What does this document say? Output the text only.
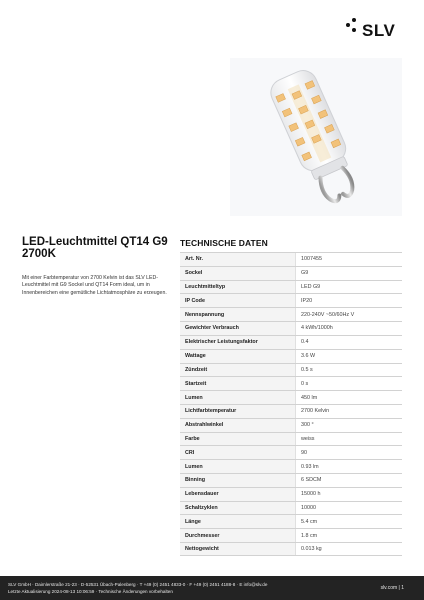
SLV
LED-Leuchtmittel QT14 G9 2700K
Mit einer Farbtemperatur von 2700 Kelvin ist das SLV LED-Leuchtmittel mit G9 Sockel und QT14 Form ideal, um in Innenbereichen eine gemütliche Lichtatmosphäre zu erzeugen.
TECHNISCHE DATEN
Art. Nr.	1007455
Sockel	G9
Leuchtmitteltyp	LED G9
IP Code	IP20
Nennspannung	220-240V ~50/60Hz V
Gewichter Verbrauch	4 kWh/1000h
Elektrischer Leistungsfaktor	0.4
Wattage	3.6 W
Zündzeit	0.5 s
Startzeit	0 s
Lumen	450 lm
Lichtfarbtemperatur	2700 Kelvin
Abstrahlwinkel	300 °
Farbe	weiss
CRI	90
Lumen	0.93 lm
Binning	6 SDCM
Lebensdauer	15000 h
Schaltzyklen	10000
Länge	5.4 cm
Durchmesser	1.8 cm
Nettogewicht	0.013 kg
SLV GmbH · Daimlerstraße 21-23 · D-52531 Übach-Palenberg · T +49 (0) 2451 4833-0 · F +49 (0) 2451 4188-8 · E info@slv.de
Letzte Aktualisierung 2024-08-13 10:06:59 · Technische Änderungen vorbehalten
slv.com | 1
